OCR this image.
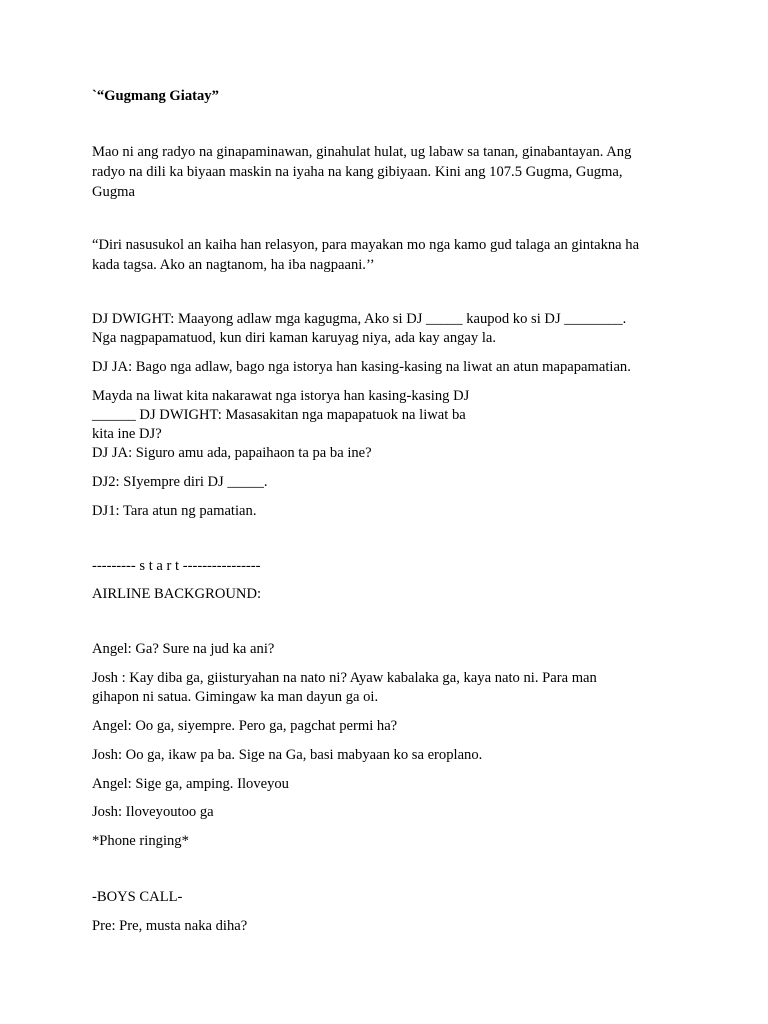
`“Gugmang Giatay”

Mao ni ang radyo na ginapaminawan, ginahulat hulat, ug labaw sa tanan, ginabantayan. Ang

radyo na dili ka biyaan maskin na iyaha na kang gibiyaan. Kini ang 107.5 Gugma, Gugma,

Gugma

“Diri nasusukol an kaiha han relasyon, para mayakan mo nga kamo gud talaga an gintakna ha

kada tagsa. Ako an nagtanom, ha iba nagpaani.’’

DJ DWIGHT: Maayong adlaw mga kagugma, Ako si DJ _____ kaupod ko si DJ ________.

Nga nagpapamatuod, kun diri kaman karuyag niya, ada kay angay la.

DJ JA: Bago nga adlaw, bago nga istorya han kasing-kasing na liwat an atun mapapamatian.

Mayda na liwat kita nakarawat nga istorya han kasing-kasing DJ

______ DJ DWIGHT: Masasakitan nga mapapatuok na liwat ba

kita ine DJ?

DJ JA: Siguro amu ada, papaihaon ta pa ba ine?

DJ2: SIyempre diri DJ _____.

DJ1: Tara atun ng pamatian.

--------- s t a r t ----------------

AIRLINE BACKGROUND:

Angel: Ga? Sure na jud ka ani?

Josh : Kay diba ga, giisturyahan na nato ni? Ayaw kabalaka ga, kaya nato ni. Para man

gihapon ni satua. Gimingaw ka man dayun ga oi.

Angel: Oo ga, siyempre. Pero ga, pagchat permi ha?

Josh: Oo ga, ikaw pa ba. Sige na Ga, basi mabyaan ko sa eroplano.

Angel: Sige ga, amping. Iloveyou

Josh: Iloveyoutoo ga

*Phone ringing*

-BOYS CALL-

Pre: Pre, musta naka diha?
